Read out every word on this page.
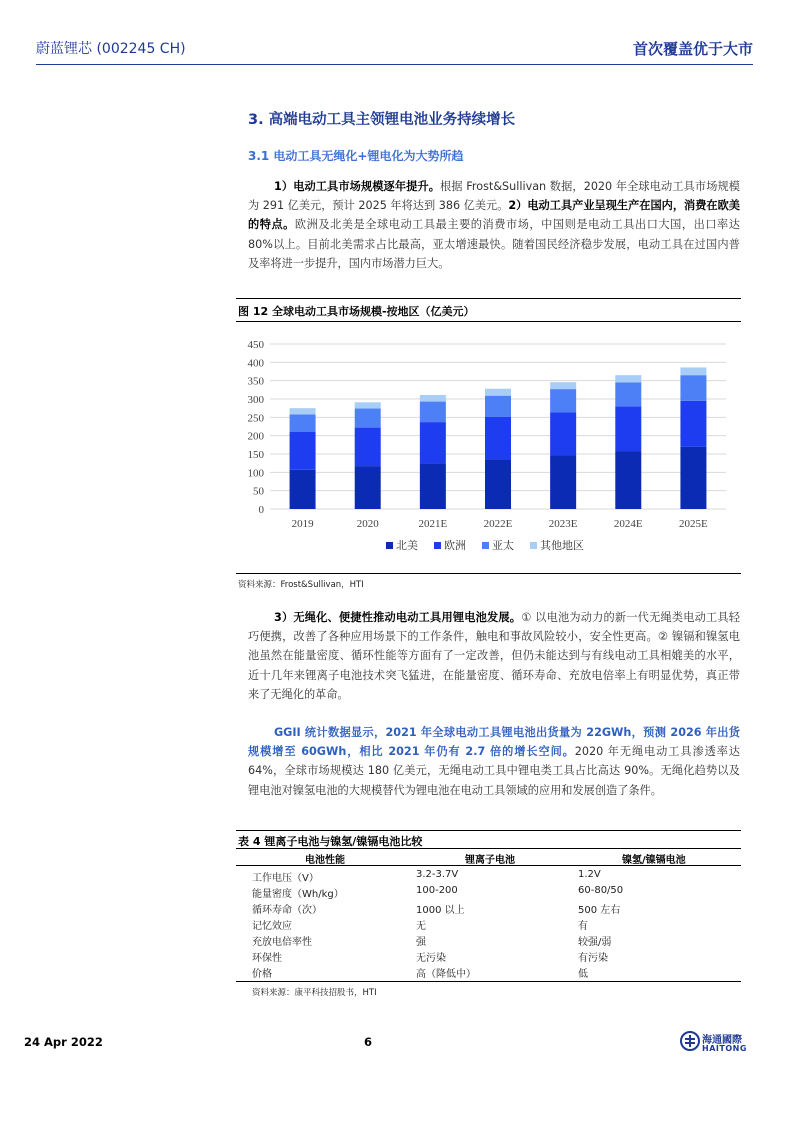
蔚蓝锂芯 (002245 CH)	首次覆盖优于大市
3. 高端电动工具主领锂电池业务持续增长
3.1 电动工具无绳化+锂电化为大势所趋
1）电动工具市场规模逐年提升。根据 Frost&Sullivan 数据，2020 年全球电动工具市场规模为 291 亿美元，预计 2025 年将达到 386 亿美元。2）电动工具产业呈现生产在国内，消费在欧美的特点。欧洲及北美是全球电动工具最主要的消费市场，中国则是电动工具出口大国，出口率达 80%以上。目前北美需求占比最高，亚太增速最快。随着国民经济稳步发展，电动工具在过国内普及率将进一步提升，国内市场潜力巨大。
图 12 全球电动工具市场规模-按地区（亿美元）
0
50
100
150
200
250
300
350
400
450
2019	2020	2021E	2022E	2023E	2024E	2025E
北美 欧洲 亚太 其他地区
资料来源：Frost&Sullivan，HTI
3）无绳化、便捷性推动电动工具用锂电池发展。① 以电池为动力的新一代无绳类电动工具轻巧便携，改善了各种应用场景下的工作条件，触电和事故风险较小，安全性更高。② 镍镉和镍氢电池虽然在能量密度、循环性能等方面有了一定改善，但仍未能达到与有线电动工具相媲美的水平，近十几年来锂离子电池技术突飞猛进，在能量密度、循环寿命、充放电倍率上有明显优势，真正带来了无绳化的革命。
GGII 统计数据显示，2021 年全球电动工具锂电池出货量为 22GWh，预测 2026 年出货规模增至 60GWh，相比 2021 年仍有 2.7 倍的增长空间。2020 年无绳电动工具渗透率达 64%，全球市场规模达 180 亿美元，无绳电动工具中锂电类工具占比高达 90%。无绳化趋势以及锂电池对镍氢电池的大规模替代为锂电池在电动工具领域的应用和发展创造了条件。
表 4 锂离子电池与镍氢/镍镉电池比较
电池性能	锂离子电池	镍氢/镍镉电池
工作电压（V）	3.2-3.7V	1.2V
能量密度（Wh/kg）	100-200	60-80/50
循环寿命（次）	1000 以上	500 左右
记忆效应	无	有
充放电倍率性	强	较强/弱
环保性	无污染	有污染
价格	高（降低中）	低
资料来源：康平科技招股书，HTI
24 Apr 2022	6	海通國際
HAITONG
